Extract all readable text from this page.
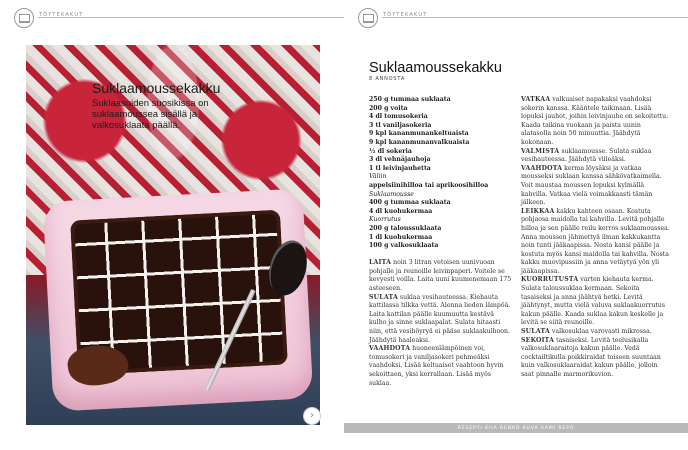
TÖYTEKAKUT
Suklaamoussekakku
Suklaasuiden suosikissa on suklaamoussea sisällä ja valkosuklaata päällä.
›
TÖYTEKAKUT
Suklaamoussekakku
8 ANNOSTA
250 g tummaa suklaata
200 g voita
4 dl tomusokeria
3 tl vaniljasokeria
9 kpl kananmunankeltuaista
9 kpl kananmunanvalkuaista
½ dl sokeria
3 dl vehnäjauhoja
1 tl leivinjauhetta
Väliin
appelsiinihilloa tai aprikoosihilloa
Suklaamousse
400 g tummaa suklaata
4 dl kuohukermaa
Kuorrutus
200 g taloussuklaata
1 dl kuohukermaa
100 g valkosuklaata
LAITA noin 3 litran vetoisen uunivuoan pohjalle ja reunoille leivinpaperi. Voitele se kevyesti voilla. Laita uuni kuumenemaan 175 asteeseen.
SULATA suklaa vesihauteessa. Kiehauta kattilassa tilkka vettä. Alenna lieden lämpöä. Laita kattilan päälle kuumuutta kestävä kulho ja sinne suklaapalat. Sulata hitaasti niin, että vesihöyryä ei pääse suklaakulhoon. Jäähdytä haaleaksi.
VAAHDOTA huoneenlämpöinen voi, tomusokeri ja vaniljasokeri pehmeäksi vaahdoksi. Lisää keltuaiset vaahtoon hyvin sekoittaen, yksi kerrallaan. Lisää myös suklaa.
VATKAA valkuaiset napakaksi vaahdoksi sokerin kanssa. Kääntele taikinaan. Lisää lopuksi jauhot, joihin leivinjauhe on sekoitettu. Kaada taikina vuokaan ja paista uunin alatasolla noin 50 minuuttia. Jäähdytä kokonaan.
VALMISTA suklaamousse. Sulata suklaa vesihauteessa. Jäähdytä viileäksi.
VAAHDOTA kerma löysäksi ja vatkaa mousseksi suklaan kanssa sähkövatkaimella. Voit maustaa moussen lopuksi kylmällä kahvilla. Vatkaa vielä voimakkaasti tämän jälkeen.
LEIKKAA kakku kahteen osaan. Kostuta pohjaosa maidolla tai kahvilla. Levitä pohjalle hilloa ja sen päälle reilu kerros suklaamoussea. Anna moussen jähmettyä ilman kakkukantta noin tunti jääkaapissa. Nosta kansi päälle ja kostuta myös kansi maidolla tai kahvilla. Nosta kakku muovipussiin ja anna vetäytyä yön yli jääkaapissa.
KUORRUTUSTA varten kiehauta kerma. Sulata taloussuklaa kermaan. Sekoita tasaiseksi ja anna jäähtyä hetki. Levitä jäähtynyt, mutta vielä valuva suklaakuorrutus kakun päälle. Kaada suklaa kakun keskelle ja levitä se siitä reunoille.
SULATA valkosuklaa varovasti mikrossa.
SEKOITA tasaiseksi. Levitä teelusikalla valkosuklaaraitoja kakun päälle. Vedä cocktailtikulla poikkiraidat toiseen suuntaan kuin valkosuklaaraidat kakun päälle, jolloin saat pinnalle marmorikuvion.
RESEPTI KIIA RENKO KUVA SAMI REPO
